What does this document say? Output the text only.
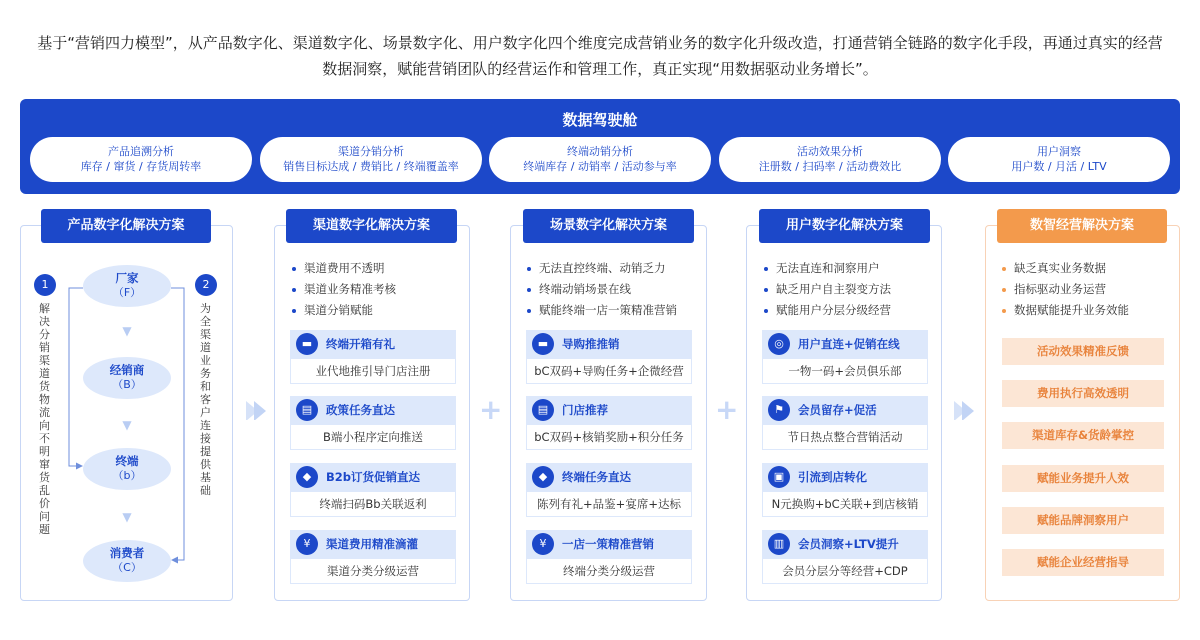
基于“营销四力模型”，从产品数字化、渠道数字化、场景数字化、用户数字化四个维度完成营销业务的数字化升级改造，打通营销全链路的数字化手段，再通过真实的经营数据洞察，赋能营销团队的经营运作和管理工作，真正实现“用数据驱动业务增长”。
数据驾驶舱
产品追溯分析
库存 / 窜货 / 存货周转率
渠道分销分析
销售目标达成 / 费销比 / 终端覆盖率
终端动销分析
终端库存 / 动销率 / 活动参与率
活动效果分析
注册数 / 扫码率 / 活动费效比
用户洞察
用户数 / 月活 / LTV
产品数字化解决方案	渠道数字化解决方案	场景数字化解决方案	用户数字化解决方案	数智经营解决方案
1
解决分销渠道货物流向不明窜货乱价问题
2
为全渠道业务和客户连接提供基础
厂家
（F）
▼
经销商
（B）
▼
终端
（b）
▼
消费者
（C）
渠道费用不透明
渠道业务精准考核
渠道分销赋能
终端开箱有礼
▬
业代地推引导门店注册
政策任务直达
▤
B端小程序定向推送
B2b订货促销直达
◆
终端扫码Bb关联返利
渠道费用精准滴灌
¥
渠道分类分级运营
无法直控终端、动销乏力
终端动销场景在线
赋能终端一店一策精准营销
导购推推销
▬
bC双码+导购任务+企微经营
门店推荐
▤
bC双码+核销奖励+积分任务
终端任务直达
◆
陈列有礼+品鉴+宴席+达标
一店一策精准营销
¥
终端分类分级运营
无法直连和洞察用户
缺乏用户自主裂变方法
赋能用户分层分级经营
用户直连+促销在线
◎
一物一码+会员俱乐部
会员留存+促活
⚑
节日热点整合营销活动
引流到店转化
▣
N元换购+bC关联+到店核销
会员洞察+LTV提升
▥
会员分层分等经营+CDP
缺乏真实业务数据
指标驱动业务运营
数据赋能提升业务效能
活动效果精准反馈
费用执行高效透明
渠道库存&货龄掌控
赋能业务提升人效
赋能品牌洞察用户
赋能企业经营指导
+	+
